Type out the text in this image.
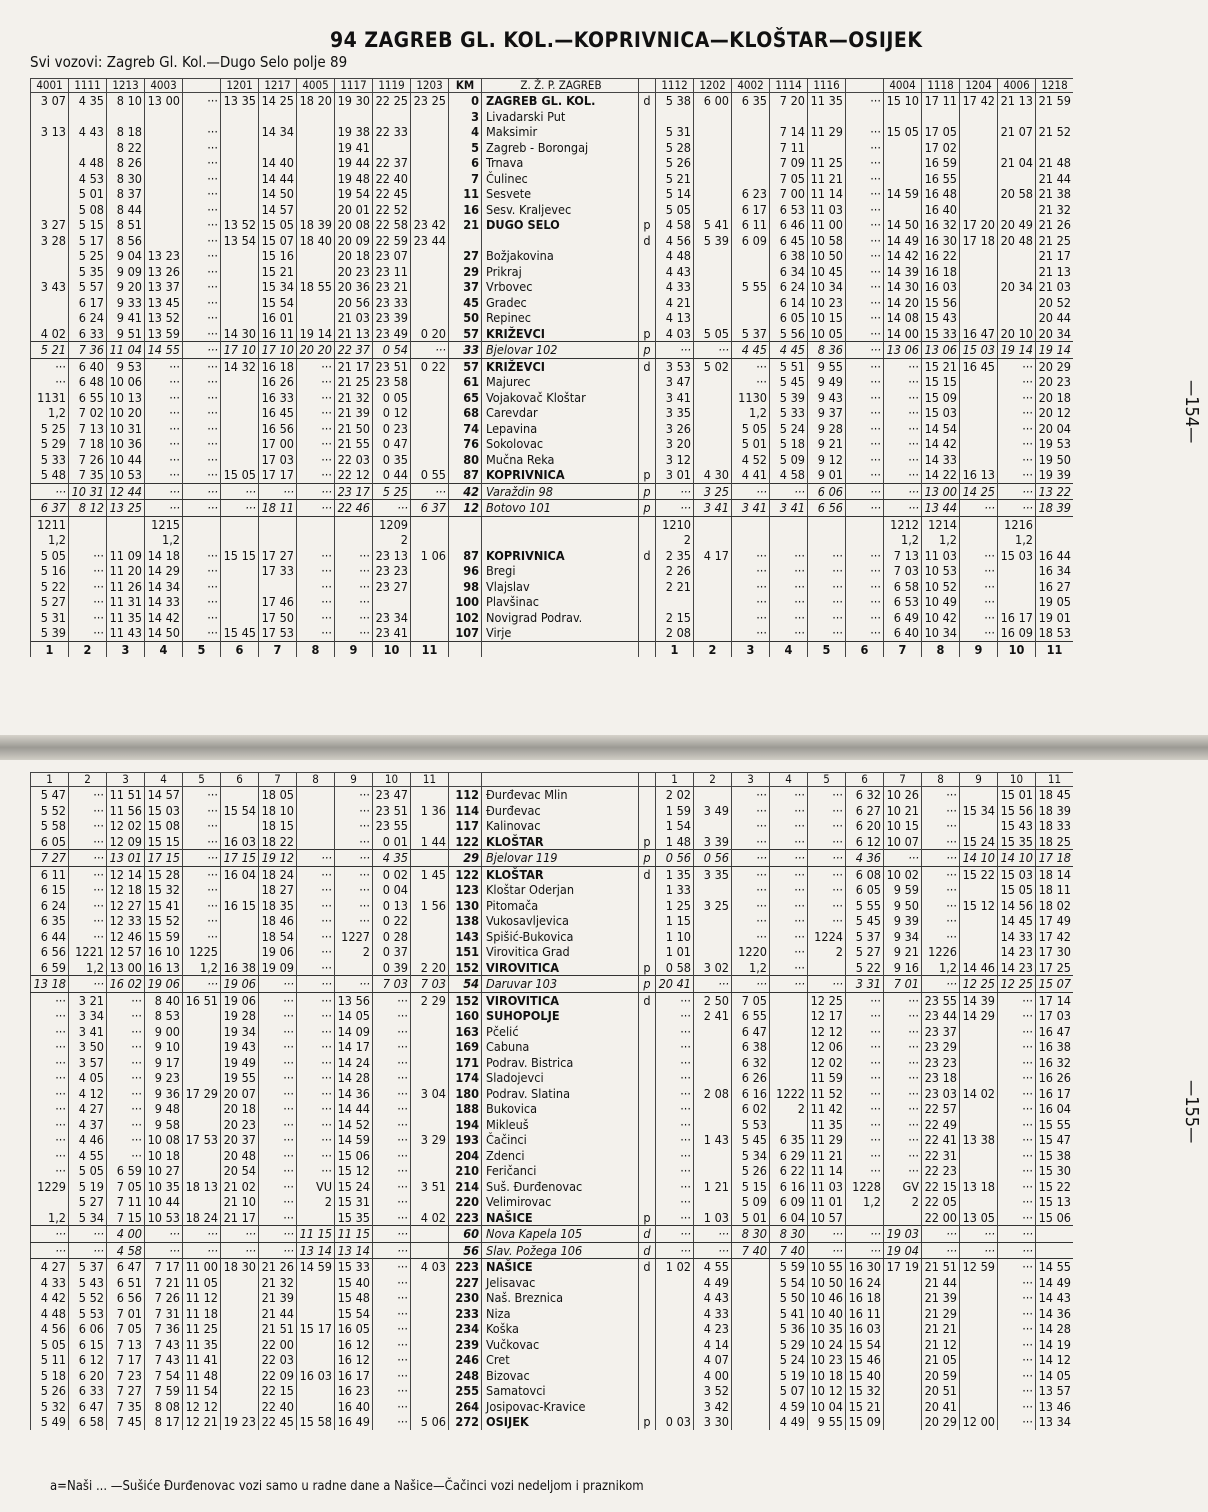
94 ZAGREB GL. KOL.—KOPRIVNICA—KLOŠTAR—OSIJEK
Svi vozovi: Zagreb Gl. Kol.—Dugo Selo polje 89
—154—
4001	1111	1213	4003		1201	1217	4005	1117	1119	1203	KM	Z. Ž. P. ZAGREB		1112	1202	4002	1114	1116		4004	1118	1204	4006	1218
3 07	4 35	8 10	13 00	···	13 35	14 25	18 20	19 30	22 25	23 25	0	ZAGREB GL. KOL.	d	5 38	6 00	6 35	7 20	11 35	···	15 10	17 11	17 42	21 13	21 59
											3	Livadarski Put												
3 13	4 43	8 18		···		14 34		19 38	22 33		4	Maksimir		5 31			7 14	11 29	···	15 05	17 05		21 07	21 52
		8 22		···				19 41			5	Zagreb - Borongaj		5 28			7 11		···		17 02			
	4 48	8 26		···		14 40		19 44	22 37		6	Trnava		5 26			7 09	11 25	···		16 59		21 04	21 48
	4 53	8 30		···		14 44		19 48	22 40		7	Čulinec		5 21			7 05	11 21	···		16 55			21 44
	5 01	8 37		···		14 50		19 54	22 45		11	Sesvete		5 14		6 23	7 00	11 14	···	14 59	16 48		20 58	21 38
	5 08	8 44		···		14 57		20 01	22 52		16	Sesv. Kraljevec		5 05		6 17	6 53	11 03	···		16 40			21 32
3 27	5 15	8 51		···	13 52	15 05	18 39	20 08	22 58	23 42	21	DUGO SELO	p	4 58	5 41	6 11	6 46	11 00	···	14 50	16 32	17 20	20 49	21 26
3 28	5 17	8 56		···	13 54	15 07	18 40	20 09	22 59	23 44			d	4 56	5 39	6 09	6 45	10 58	···	14 49	16 30	17 18	20 48	21 25
	5 25	9 04	13 23	···		15 16		20 18	23 07		27	Božjakovina		4 48			6 38	10 50	···	14 42	16 22			21 17
	5 35	9 09	13 26	···		15 21		20 23	23 11		29	Prikraj		4 43			6 34	10 45	···	14 39	16 18			21 13
3 43	5 57	9 20	13 37	···		15 34	18 55	20 36	23 21		37	Vrbovec		4 33		5 55	6 24	10 34	···	14 30	16 03		20 34	21 03
	6 17	9 33	13 45	···		15 54		20 56	23 33		45	Gradec		4 21			6 14	10 23	···	14 20	15 56			20 52
	6 24	9 41	13 52	···		16 01		21 03	23 39		50	Repinec		4 13			6 05	10 15	···	14 08	15 43			20 44
4 02	6 33	9 51	13 59	···	14 30	16 11	19 14	21 13	23 49	0 20	57	KRIŽEVCI	p	4 03	5 05	5 37	5 56	10 05	···	14 00	15 33	16 47	20 10	20 34
5 21	7 36	11 04	14 55	···	17 10	17 10	20 20	22 37	0 54	···	33	Bjelovar 102	p	···	···	4 45	4 45	8 36	···	13 06	13 06	15 03	19 14	19 14
···	6 40	9 53	···	···	14 32	16 18	···	21 17	23 51	0 22	57	KRIŽEVCI	d	3 53	5 02	···	5 51	9 55	···	···	15 21	16 45	···	20 29
···	6 48	10 06	···	···		16 26	···	21 25	23 58		61	Majurec		3 47		···	5 45	9 49	···	···	15 15		···	20 23
1131	6 55	10 13	···	···		16 33	···	21 32	0 05		65	Vojakovač Kloštar		3 41		1130	5 39	9 43	···	···	15 09		···	20 18
1,2	7 02	10 20	···	···		16 45	···	21 39	0 12		68	Carevdar		3 35		1,2	5 33	9 37	···	···	15 03		···	20 12
5 25	7 13	10 31	···	···		16 56	···	21 50	0 23		74	Lepavina		3 26		5 05	5 24	9 28	···	···	14 54		···	20 04
5 29	7 18	10 36	···	···		17 00	···	21 55	0 47		76	Sokolovac		3 20		5 01	5 18	9 21	···	···	14 42		···	19 53
5 33	7 26	10 44	···	···		17 03	···	22 03	0 35		80	Mučna Reka		3 12		4 52	5 09	9 12	···	···	14 33		···	19 50
5 48	7 35	10 53	···	···	15 05	17 17	···	22 12	0 44	0 55	87	KOPRIVNICA	p	3 01	4 30	4 41	4 58	9 01	···	···	14 22	16 13	···	19 39
···	10 31	12 44	···	···	···	···	···	23 17	5 25	···	42	Varaždin 98	p	···	3 25	···	···	6 06	···	···	13 00	14 25	···	13 22
6 37	8 12	13 25	···	···	···	18 11	···	22 46	···	6 37	12	Botovo 101	p	···	3 41	3 41	3 41	6 56	···	···	13 44	···	···	18 39
1211			1215						1209					1210						1212	1214		1216	
1,2			1,2						2					2						1,2	1,2		1,2	
5 05	···	11 09	14 18	···	15 15	17 27	···	···	23 13	1 06	87	KOPRIVNICA	d	2 35	4 17	···	···	···	···	7 13	11 03	···	15 03	16 44
5 16	···	11 20	14 29	···		17 33	···	···	23 23		96	Bregi		2 26		···	···	···	···	7 03	10 53	···		16 34
5 22	···	11 26	14 34	···			···	···	23 27		98	Vlajslav		2 21		···	···	···	···	6 58	10 52	···		16 27
5 27	···	11 31	14 33	···		17 46	···	···			100	Plavšinac				···	···	···	···	6 53	10 49	···		19 05
5 31	···	11 35	14 42	···		17 50	···	···	23 34		102	Novigrad Podrav.		2 15		···	···	···	···	6 49	10 42	···	16 17	19 01
5 39	···	11 43	14 50	···	15 45	17 53	···	···	23 41		107	Virje		2 08		···	···	···	···	6 40	10 34	···	16 09	18 53
1	2	3	4	5	6	7	8	9	10	11				1	2	3	4	5	6	7	8	9	10	11
—155—
1	2	3	4	5	6	7	8	9	10	11				1	2	3	4	5	6	7	8	9	10	11
5 47	···	11 51	14 57	···		18 05		···	23 47		112	Đurđevac Mlin		2 02		···	···	···	6 32	10 26	···		15 01	18 45
5 52	···	11 56	15 03	···	15 54	18 10		···	23 51	1 36	114	Đurđevac		1 59	3 49	···	···	···	6 27	10 21	···	15 34	15 56	18 39
5 58	···	12 02	15 08	···		18 15		···	23 55		117	Kalinovac		1 54		···	···	···	6 20	10 15	···		15 43	18 33
6 05	···	12 09	15 15	···	16 03	18 22		···	0 01	1 44	122	KLOŠTAR	p	1 48	3 39	···	···	···	6 12	10 07	···	15 24	15 35	18 25
7 27	···	13 01	17 15	···	17 15	19 12	···	···	4 35		29	Bjelovar 119	p	0 56	0 56	···	···	···	4 36	···	···	14 10	14 10	17 18
6 11	···	12 14	15 28	···	16 04	18 24	···	···	0 02	1 45	122	KLOŠTAR	d	1 35	3 35	···	···	···	6 08	10 02	···	15 22	15 03	18 14
6 15	···	12 18	15 32	···		18 27	···	···	0 04		123	Kloštar Oderjan		1 33		···	···	···	6 05	9 59	···		15 05	18 11
6 24	···	12 27	15 41	···	16 15	18 35	···	···	0 13	1 56	130	Pitomača		1 25	3 25	···	···	···	5 55	9 50	···	15 12	14 56	18 02
6 35	···	12 33	15 52	···		18 46	···	···	0 22		138	Vukosavljevica		1 15		···	···	···	5 45	9 39	···		14 45	17 49
6 44	···	12 46	15 59	···		18 54	···	1227	0 28		143	Spišić-Bukovica		1 10		···	···	1224	5 37	9 34	···		14 33	17 42
6 56	1221	12 57	16 10	1225		19 06	···	2	0 37		151	Virovitica Grad		1 01		1220	···	2	5 27	9 21	1226		14 23	17 30
6 59	1,2	13 00	16 13	1,2	16 38	19 09	···		0 39	2 20	152	VIROVITICA	p	0 58	3 02	1,2	···		5 22	9 16	1,2	14 46	14 23	17 25
13 18	···	16 02	19 06	···	19 06	···	···	···	7 03	7 03	54	Daruvar 103	p	20 41	···	···	···	···	3 31	7 01	···	12 25	12 25	15 07
···	3 21	···	8 40	16 51	19 06	···	···	13 56	···	2 29	152	VIROVITICA	d	···	2 50	7 05		12 25	···	···	23 55	14 39	···	17 14
···	3 34	···	8 53		19 28	···	···	14 05	···		160	SUHOPOLJE		···	2 41	6 55		12 17	···	···	23 44	14 29	···	17 03
···	3 41	···	9 00		19 34	···	···	14 09	···		163	Pčelić		···		6 47		12 12	···	···	23 37		···	16 47
···	3 50	···	9 10		19 43	···	···	14 17	···		169	Cabuna		···		6 38		12 06	···	···	23 29		···	16 38
···	3 57	···	9 17		19 49	···	···	14 24	···		171	Podrav. Bistrica		···		6 32		12 02	···	···	23 23		···	16 32
···	4 05	···	9 23		19 55	···	···	14 28	···		174	Sladojevci		···		6 26		11 59	···	···	23 18		···	16 26
···	4 12	···	9 36	17 29	20 07	···	···	14 36	···	3 04	180	Podrav. Slatina		···	2 08	6 16	1222	11 52	···	···	23 03	14 02	···	16 17
···	4 27	···	9 48		20 18	···	···	14 44	···		188	Bukovica		···		6 02	2	11 42	···	···	22 57		···	16 04
···	4 37	···	9 58		20 23	···	···	14 52	···		194	Mikleuš		···		5 53		11 35	···	···	22 49		···	15 55
···	4 46	···	10 08	17 53	20 37	···	···	14 59	···	3 29	193	Čačinci		···	1 43	5 45	6 35	11 29	···	···	22 41	13 38	···	15 47
···	4 55	···	10 18		20 48	···	···	15 06	···		204	Zdenci		···		5 34	6 29	11 21	···	···	22 31		···	15 38
···	5 05	6 59	10 27		20 54	···	···	15 12	···		210	Feričanci		···		5 26	6 22	11 14	···	···	22 23		···	15 30
1229	5 19	7 05	10 35	18 13	21 02	···	VU	15 24	···	3 51	214	Suš. Đurđenovac		···	1 21	5 15	6 16	11 03	1228	GV	22 15	13 18	···	15 22
	5 27	7 11	10 44		21 10	···	2	15 31	···		220	Velimirovac		···		5 09	6 09	11 01	1,2	2	22 05		···	15 13
1,2	5 34	7 15	10 53	18 24	21 17	···		15 35	···	4 02	223	NAŠICE	p	···	1 03	5 01	6 04	10 57			22 00	13 05	···	15 06
···	···	4 00	···	···	···	···	11 15	11 15	···		60	Nova Kapela 105	d	···	···	8 30	8 30	···	···	19 03	···	···	···	
···	···	4 58	···	···	···	···	13 14	13 14	···		56	Slav. Požega 106	d	···	···	7 40	7 40	···	···	19 04	···	···	···	
4 27	5 37	6 47	7 17	11 00	18 30	21 26	14 59	15 33	···	4 03	223	NAŠICE	d	1 02	4 55		5 59	10 55	16 30	17 19	21 51	12 59	···	14 55
4 33	5 43	6 51	7 21	11 05		21 32		15 40	···		227	Jelisavac			4 49		5 54	10 50	16 24		21 44		···	14 49
4 42	5 52	6 56	7 26	11 12		21 39		15 48	···		230	Naš. Breznica			4 43		5 50	10 46	16 18		21 39		···	14 43
4 48	5 53	7 01	7 31	11 18		21 44		15 54	···		233	Niza			4 33		5 41	10 40	16 11		21 29		···	14 36
4 56	6 06	7 05	7 36	11 25		21 51	15 17	16 05	···		234	Koška			4 23		5 36	10 35	16 03		21 21		···	14 28
5 05	6 15	7 13	7 43	11 35		22 00		16 12	···		239	Vučkovac			4 14		5 29	10 24	15 54		21 12		···	14 19
5 11	6 12	7 17	7 43	11 41		22 03		16 12	···		246	Cret			4 07		5 24	10 23	15 46		21 05		···	14 12
5 18	6 20	7 23	7 54	11 48		22 09	16 03	16 17	···		248	Bizovac			4 00		5 19	10 18	15 40		20 59		···	14 05
5 26	6 33	7 27	7 59	11 54		22 15		16 23	···		255	Samatovci			3 52		5 07	10 12	15 32		20 51		···	13 57
5 32	6 47	7 35	8 08	12 12		22 40		16 40	···		264	Josipovac-Kravice			3 42		4 59	10 04	15 21		20 41		···	13 46
5 49	6 58	7 45	8 17	12 21	19 23	22 45	15 58	16 49	···	5 06	272	OSIJEK	p	0 03	3 30		4 49	9 55	15 09		20 29	12 00	···	13 34
a=Naši ... —Sušiće Đurđenovac vozi samo u radne dane a Našice—Čačinci vozi nedeljom i praznikom
